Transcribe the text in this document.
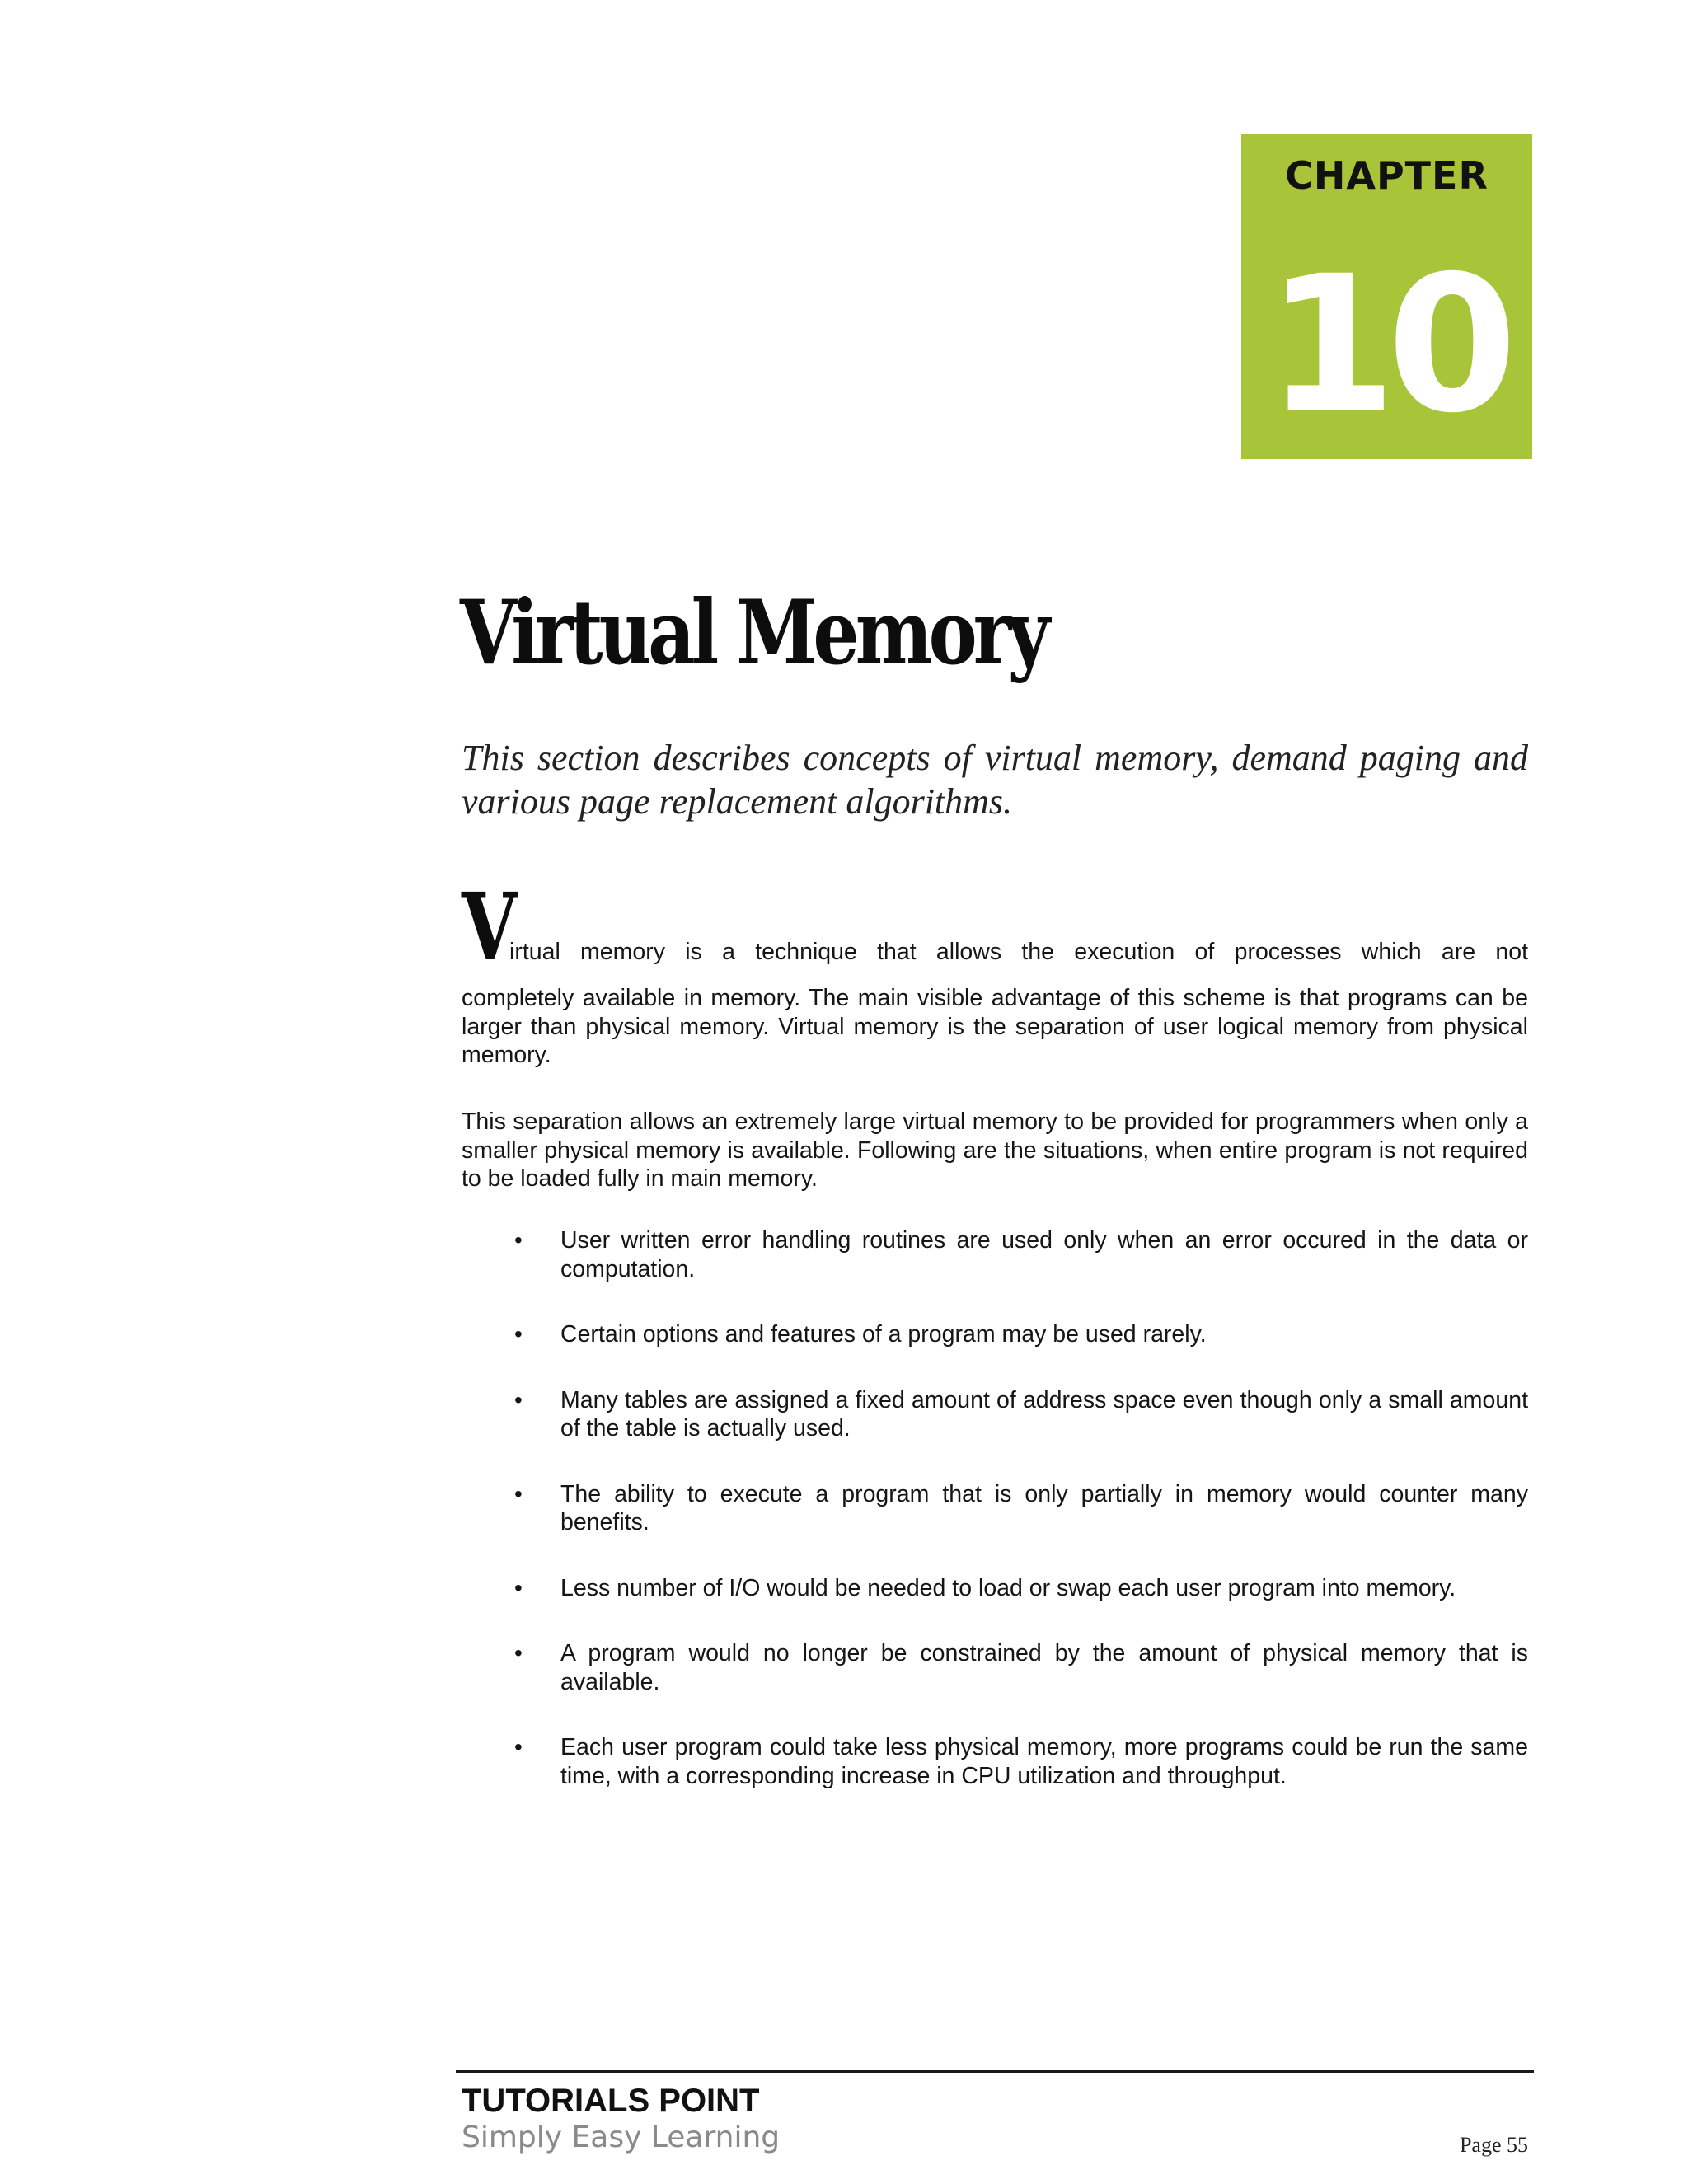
CHAPTER
10
Virtual Memory

This section describes concepts of virtual memory, demand paging and various page replacement algorithms.

V
irtual memory is a technique that allows the execution of processes which are not

completely available in memory. The main visible advantage of this scheme is that programs can be larger than physical memory. Virtual memory is the separation of user logical memory from physical memory.

This separation allows an extremely large virtual memory to be provided for programmers when only a smaller physical memory is available. Following are the situations, when entire program is not required to be loaded fully in main memory.

• User written error handling routines are used only when an error occured in the data or computation.
• Certain options and features of a program may be used rarely.
• Many tables are assigned a fixed amount of address space even though only a small amount of the table is actually used.
• The ability to execute a program that is only partially in memory would counter many benefits.
• Less number of I/O would be needed to load or swap each user program into memory.
• A program would no longer be constrained by the amount of physical memory that is available.
• Each user program could take less physical memory, more programs could be run the same time, with a corresponding increase in CPU utilization and throughput.
TUTORIALS POINT
Simply Easy Learning	Page 55
